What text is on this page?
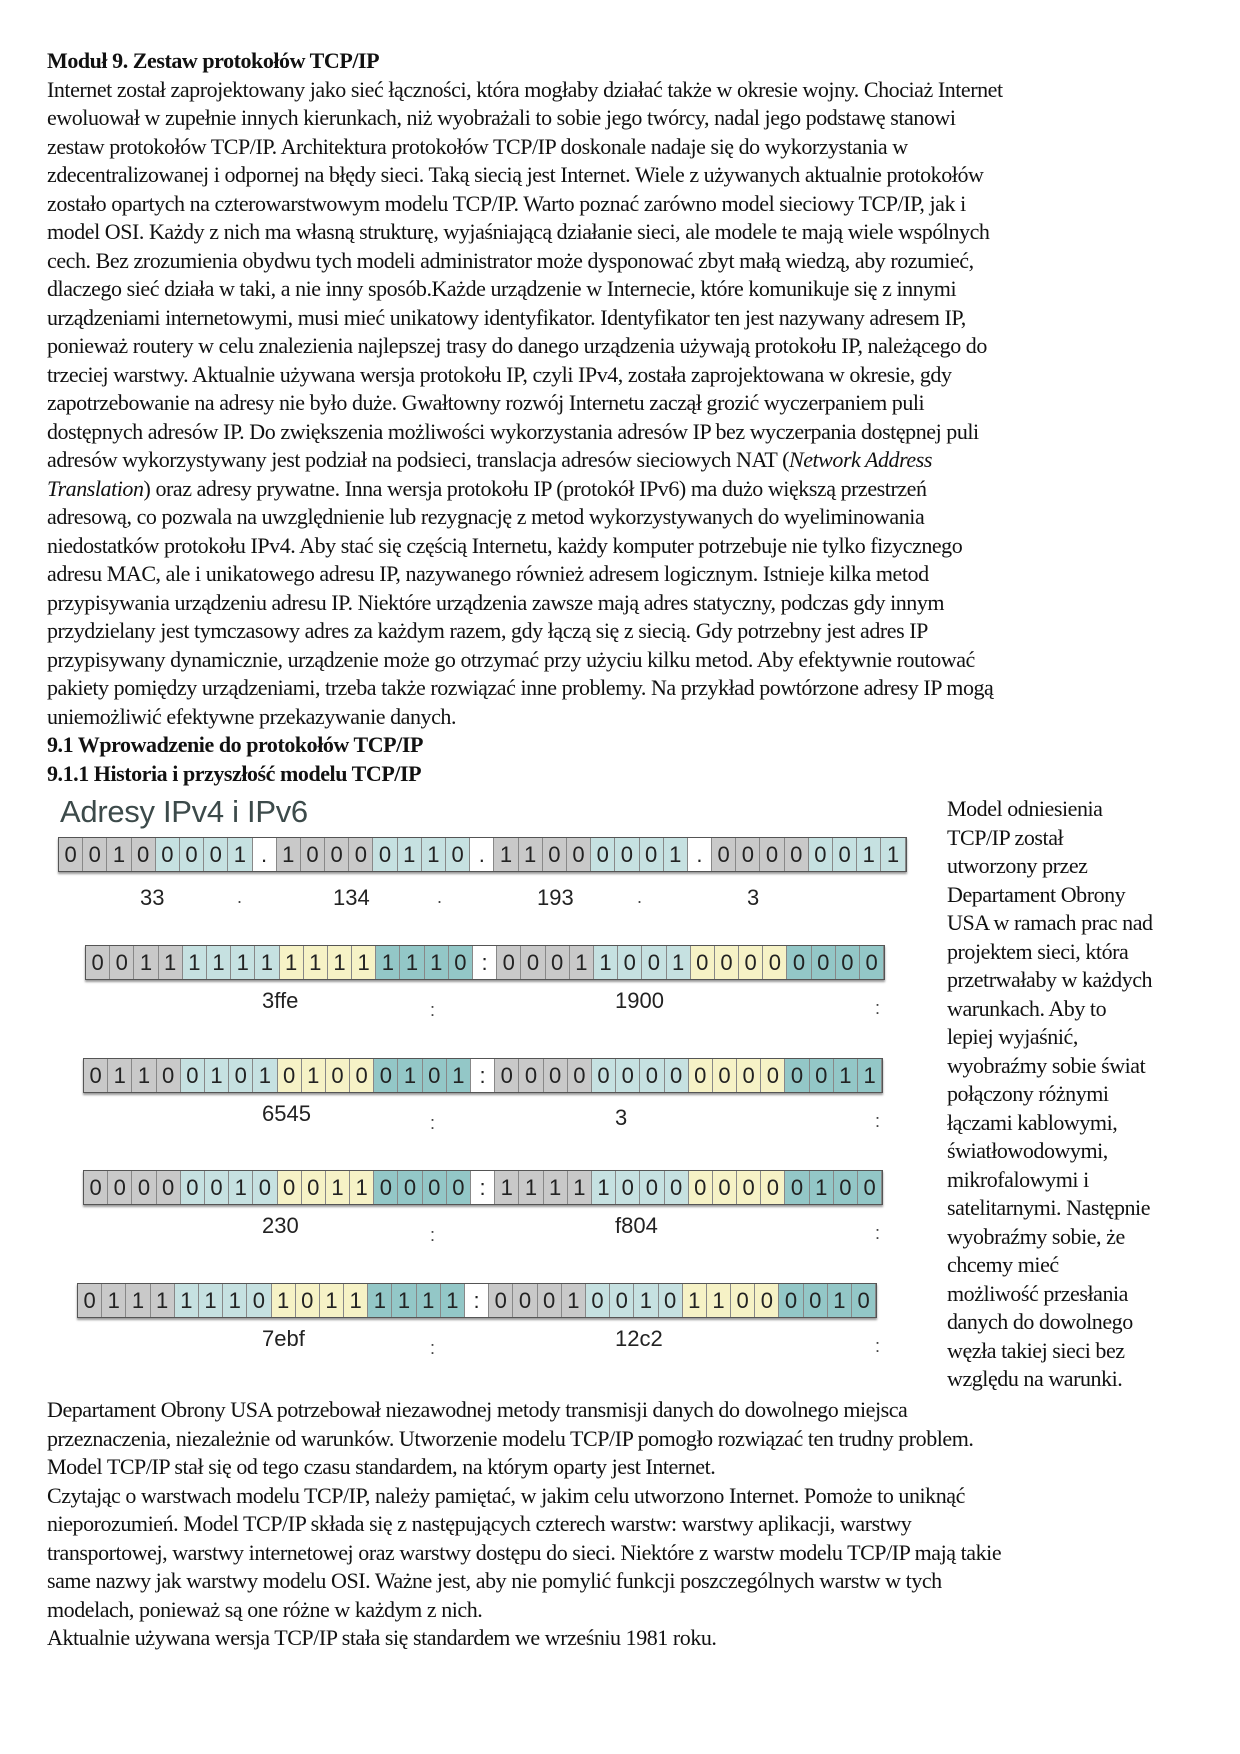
Moduł 9. Zestaw protokołów TCP/IP
Internet został zaprojektowany jako sieć łączności, która mogłaby działać także w okresie wojny. Chociaż Internet
ewoluował w zupełnie innych kierunkach, niż wyobrażali to sobie jego twórcy, nadal jego podstawę stanowi
zestaw protokołów TCP/IP. Architektura protokołów TCP/IP doskonale nadaje się do wykorzystania w
zdecentralizowanej i odpornej na błędy sieci. Taką siecią jest Internet. Wiele z używanych aktualnie protokołów
zostało opartych na czterowarstwowym modelu TCP/IP. Warto poznać zarówno model sieciowy TCP/IP, jak i
model OSI. Każdy z nich ma własną strukturę, wyjaśniającą działanie sieci, ale modele te mają wiele wspólnych
cech. Bez zrozumienia obydwu tych modeli administrator może dysponować zbyt małą wiedzą, aby rozumieć,
dlaczego sieć działa w taki, a nie inny sposób.Każde urządzenie w Internecie, które komunikuje się z innymi
urządzeniami internetowymi, musi mieć unikatowy identyfikator. Identyfikator ten jest nazywany adresem IP,
ponieważ routery w celu znalezienia najlepszej trasy do danego urządzenia używają protokołu IP, należącego do
trzeciej warstwy. Aktualnie używana wersja protokołu IP, czyli IPv4, została zaprojektowana w okresie, gdy
zapotrzebowanie na adresy nie było duże. Gwałtowny rozwój Internetu zaczął grozić wyczerpaniem puli
dostępnych adresów IP. Do zwiększenia możliwości wykorzystania adresów IP bez wyczerpania dostępnej puli
adresów wykorzystywany jest podział na podsieci, translacja adresów sieciowych NAT (Network Address
Translation) oraz adresy prywatne. Inna wersja protokołu IP (protokół IPv6) ma dużo większą przestrzeń
adresową, co pozwala na uwzględnienie lub rezygnację z metod wykorzystywanych do wyeliminowania
niedostatków protokołu IPv4. Aby stać się częścią Internetu, każdy komputer potrzebuje nie tylko fizycznego
adresu MAC, ale i unikatowego adresu IP, nazywanego również adresem logicznym. Istnieje kilka metod
przypisywania urządzeniu adresu IP. Niektóre urządzenia zawsze mają adres statyczny, podczas gdy innym
przydzielany jest tymczasowy adres za każdym razem, gdy łączą się z siecią. Gdy potrzebny jest adres IP
przypisywany dynamicznie, urządzenie może go otrzymać przy użyciu kilku metod. Aby efektywnie routować
pakiety pomiędzy urządzeniami, trzeba także rozwiązać inne problemy. Na przykład powtórzone adresy IP mogą
uniemożliwić efektywne przekazywanie danych.
9.1 Wprowadzenie do protokołów TCP/IP
9.1.1 Historia i przyszłość modelu TCP/IP
Adresy IPv4 i IPv6
0 0 1 0 0 0 0 1 . 1 0 0 0 0 1 1 0 . 1 1 0 0 0 0 0 1 . 0 0 0 0 0 0 1 1
33	.	134	.	193	.	3
0 0 1 1 1 1 1 1 1 1 1 1 1 1 1 0 : 0 0 0 1 1 0 0 1 0 0 0 0 0 0 0 0
3ffe	1900
:	:
0 1 1 0 0 1 0 1 0 1 0 0 0 1 0 1 : 0 0 0 0 0 0 0 0 0 0 0 0 0 0 1 1
6545	3
:	:
0 0 0 0 0 0 1 0 0 0 1 1 0 0 0 0 : 1 1 1 1 1 0 0 0 0 0 0 0 0 1 0 0
230	f804
:	:
0 1 1 1 1 1 1 0 1 0 1 1 1 1 1 1 : 0 0 0 1 0 0 1 0 1 1 0 0 0 0 1 0
7ebf	12c2
:	:
Model odniesienia
TCP/IP został
utworzony przez
Departament Obrony
USA w ramach prac nad
projektem sieci, która
przetrwałaby w każdych
warunkach. Aby to
lepiej wyjaśnić,
wyobraźmy sobie świat
połączony różnymi
łączami kablowymi,
światłowodowymi,
mikrofalowymi i
satelitarnymi. Następnie
wyobraźmy sobie, że
chcemy mieć
możliwość przesłania
danych do dowolnego
węzła takiej sieci bez
względu na warunki.
Departament Obrony USA potrzebował niezawodnej metody transmisji danych do dowolnego miejsca
przeznaczenia, niezależnie od warunków. Utworzenie modelu TCP/IP pomogło rozwiązać ten trudny problem.
Model TCP/IP stał się od tego czasu standardem, na którym oparty jest Internet.
Czytając o warstwach modelu TCP/IP, należy pamiętać, w jakim celu utworzono Internet. Pomoże to uniknąć
nieporozumień. Model TCP/IP składa się z następujących czterech warstw: warstwy aplikacji, warstwy
transportowej, warstwy internetowej oraz warstwy dostępu do sieci. Niektóre z warstw modelu TCP/IP mają takie
same nazwy jak warstwy modelu OSI. Ważne jest, aby nie pomylić funkcji poszczególnych warstw w tych
modelach, ponieważ są one różne w każdym z nich.
Aktualnie używana wersja TCP/IP stała się standardem we wrześniu 1981 roku.
